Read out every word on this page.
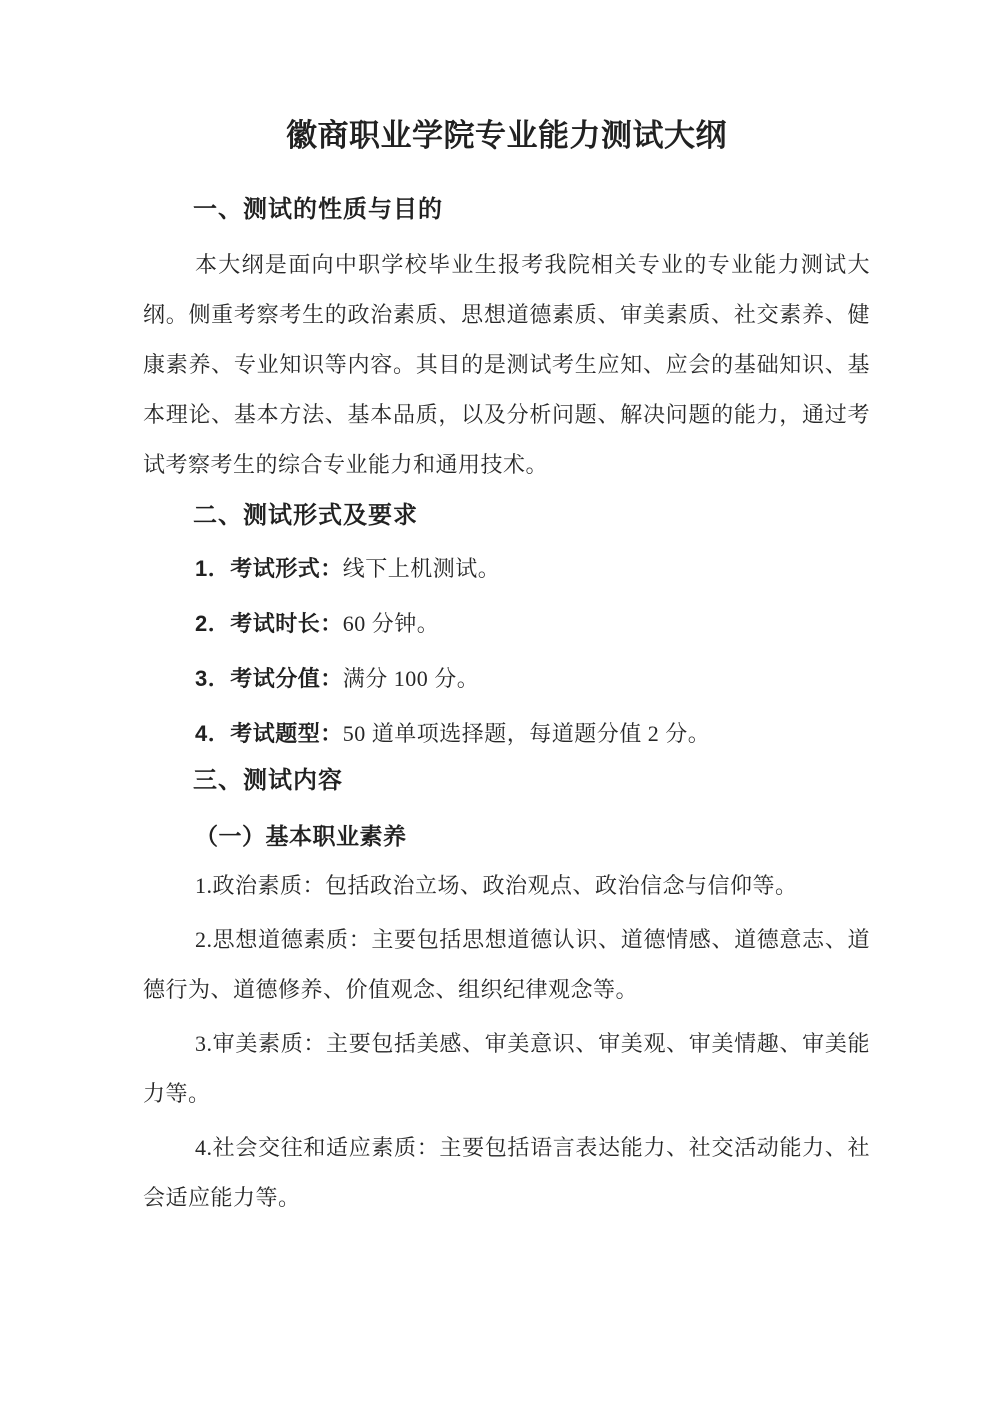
徽商职业学院专业能力测试大纲
一、测试的性质与目的

本大纲是面向中职学校毕业生报考我院相关专业的专业能力测试大纲。侧重考察考生的政治素质、思想道德素质、审美素质、社交素养、健康素养、专业知识等内容。其目的是测试考生应知、应会的基础知识、基本理论、基本方法、基本品质，以及分析问题、解决问题的能力，通过考试考察考生的综合专业能力和通用技术。

二、测试形式及要求

1．考试形式：线下上机测试。

2．考试时长：60 分钟。

3．考试分值：满分 100 分。

4．考试题型：50 道单项选择题，每道题分值 2 分。

三、测试内容
（一）基本职业素养

1.政治素质：包括政治立场、政治观点、政治信念与信仰等。

2.思想道德素质：主要包括思想道德认识、道德情感、道德意志、道德行为、道德修养、价值观念、组织纪律观念等。

3.审美素质：主要包括美感、审美意识、审美观、审美情趣、审美能力等。

4.社会交往和适应素质：主要包括语言表达能力、社交活动能力、社会适应能力等。
